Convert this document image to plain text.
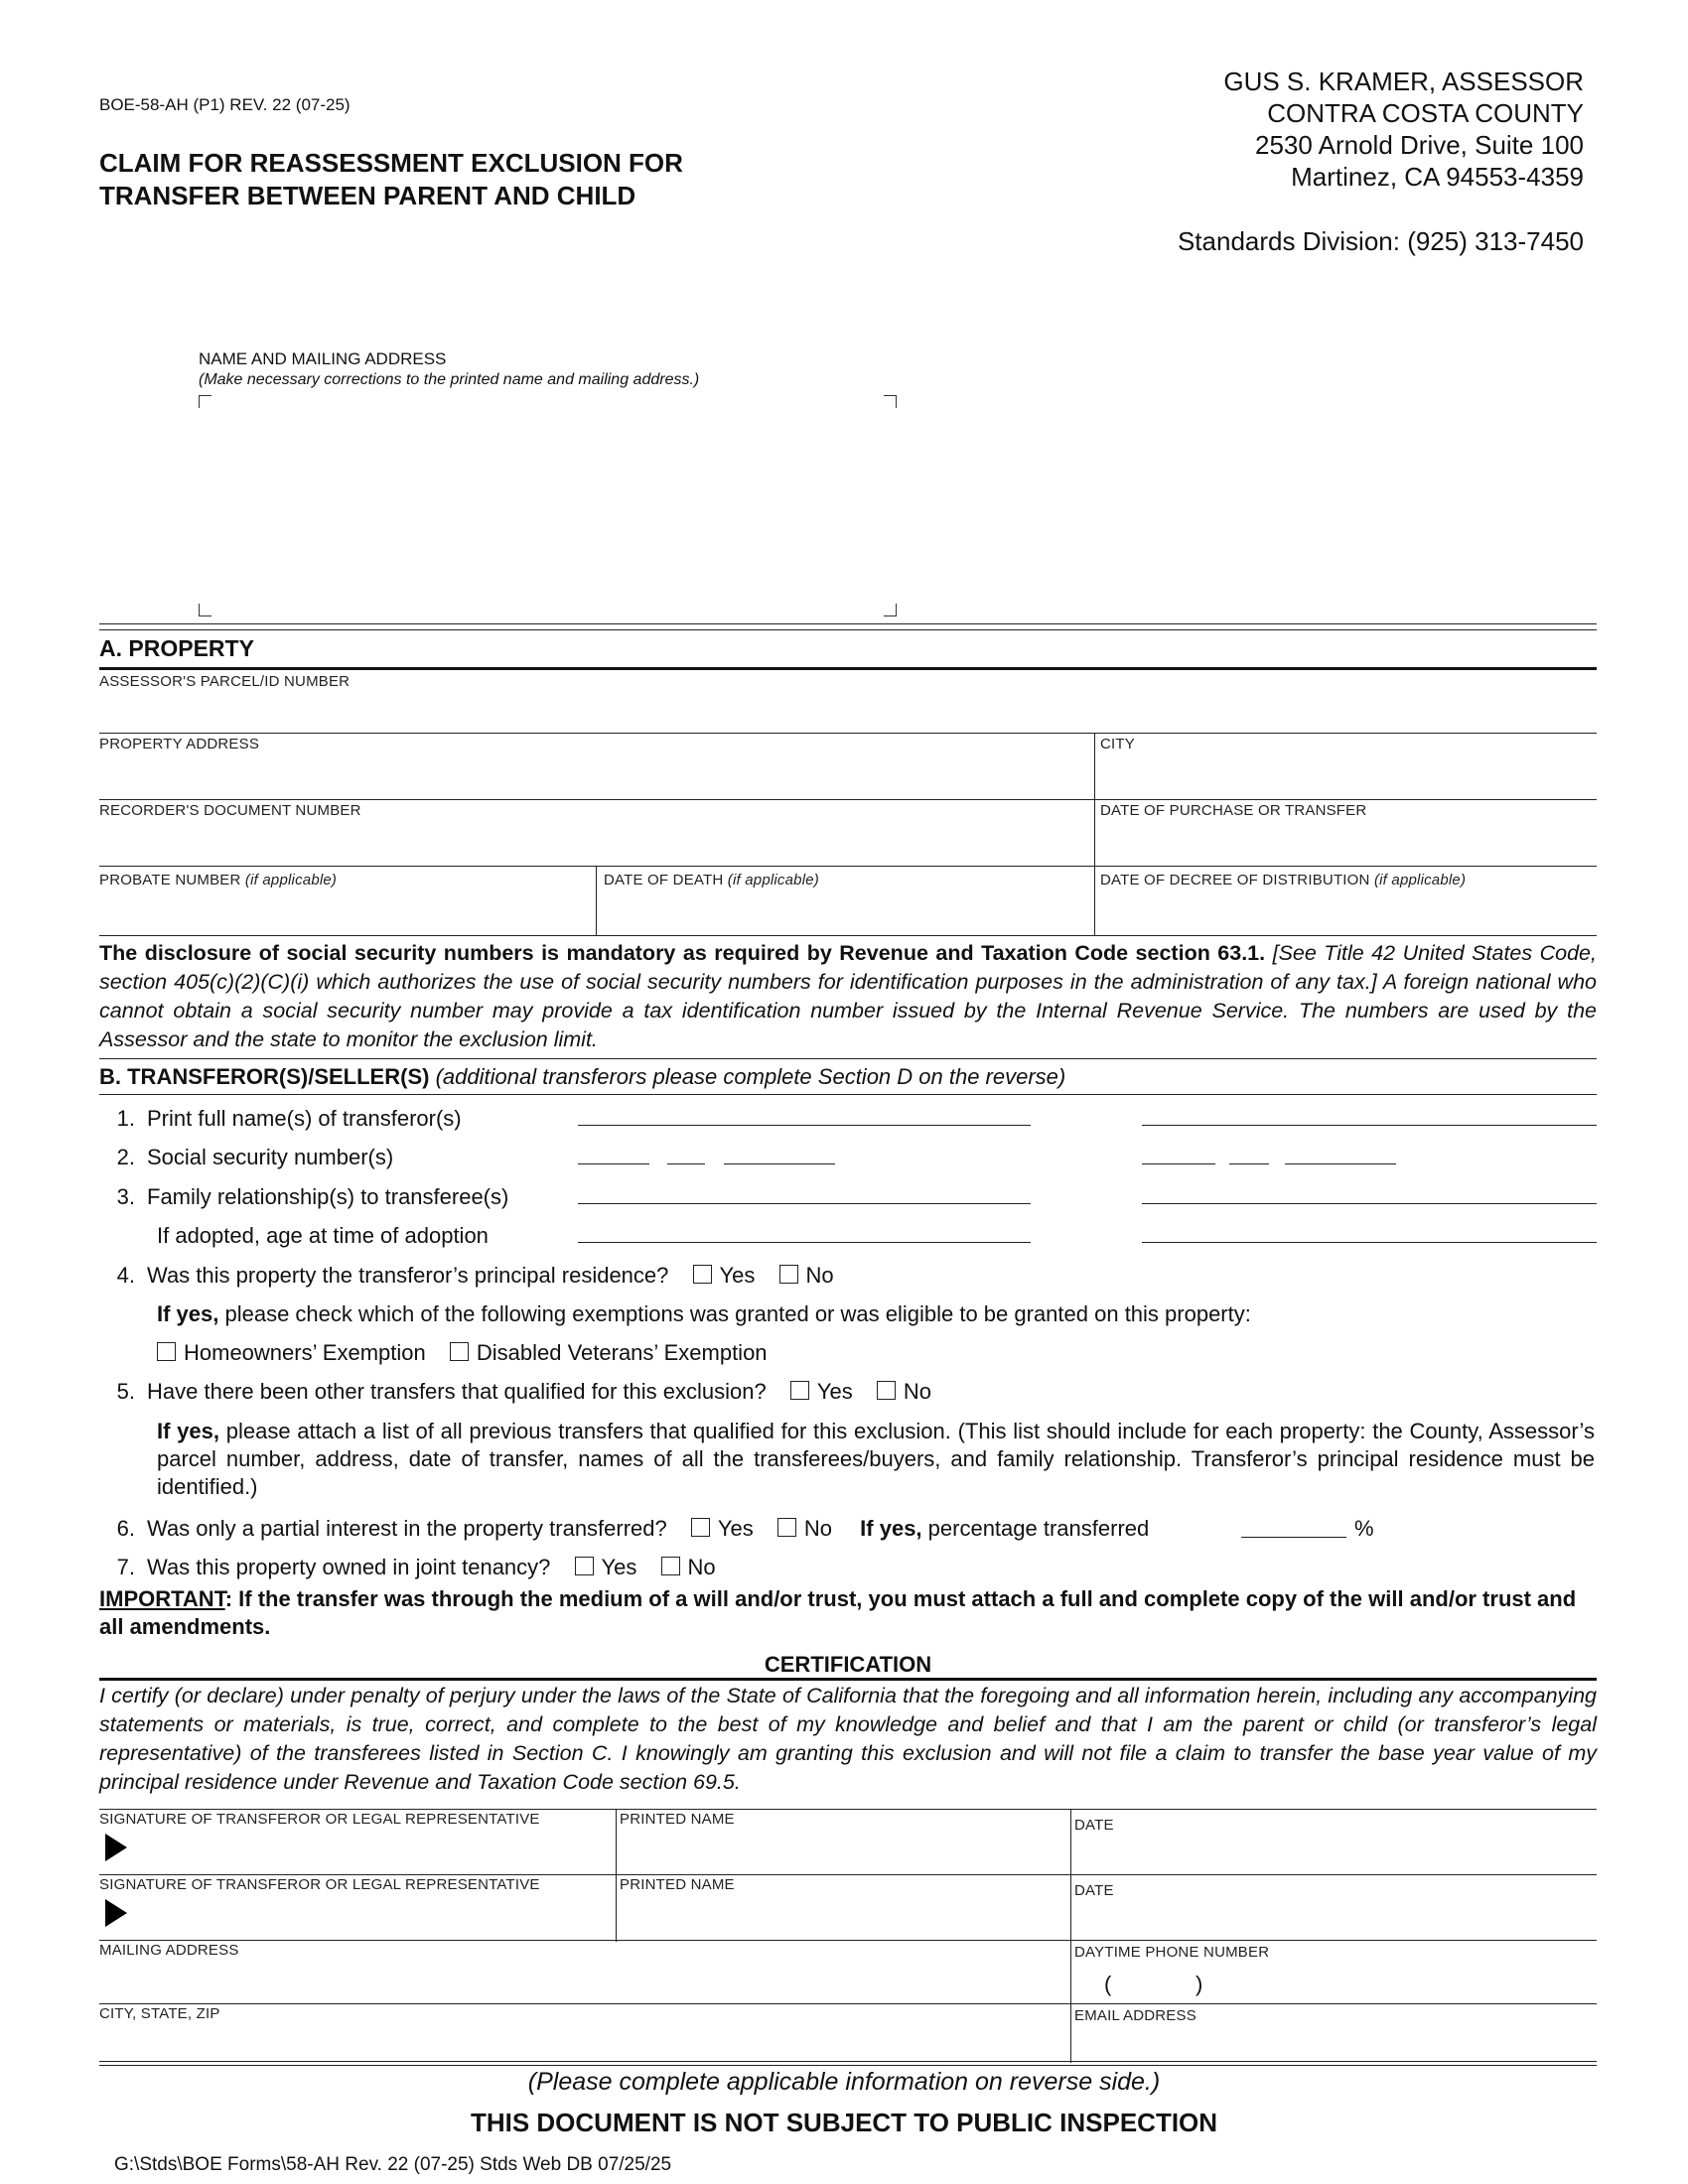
BOE-58-AH (P1) REV. 22 (07-25)
CLAIM FOR REASSESSMENT EXCLUSION FOR
TRANSFER BETWEEN PARENT AND CHILD
GUS S. KRAMER, ASSESSOR
CONTRA COSTA COUNTY
2530 Arnold Drive, Suite 100
Martinez, CA 94553-4359
Standards Division: (925) 313-7450
NAME AND MAILING ADDRESS
(Make necessary corrections to the printed name and mailing address.)
A. PROPERTY
ASSESSOR'S PARCEL/ID NUMBER
PROPERTY ADDRESS	CITY
RECORDER'S DOCUMENT NUMBER	DATE OF PURCHASE OR TRANSFER
PROBATE NUMBER (if applicable)	DATE OF DEATH (if applicable)	DATE OF DECREE OF DISTRIBUTION (if applicable)
The disclosure of social security numbers is mandatory as required by Revenue and Taxation Code section 63.1. [See Title 42 United States Code, section 405(c)(2)(C)(i) which authorizes the use of social security numbers for identification purposes in the administration of any tax.] A foreign national who cannot obtain a social security number may provide a tax identification number issued by the Internal Revenue Service. The numbers are used by the Assessor and the state to monitor the exclusion limit.
B. TRANSFEROR(S)/SELLER(S) (additional transferors please complete Section D on the reverse)
1. Print full name(s) of transferor(s)
2. Social security number(s)
3. Family relationship(s) to transferee(s)
If adopted, age at time of adoption
4. Was this property the transferor’s principal residence? Yes No
If yes, please check which of the following exemptions was granted or was eligible to be granted on this property:
Homeowners’ Exemption Disabled Veterans’ Exemption
5. Have there been other transfers that qualified for this exclusion? Yes No
If yes, please attach a list of all previous transfers that qualified for this exclusion. (This list should include for each property: the County, Assessor’s parcel number, address, date of transfer, names of all the transferees/buyers, and family relationship. Transferor’s principal residence must be identified.)
6. Was only a partial interest in the property transferred? Yes No If yes, percentage transferred	%
7. Was this property owned in joint tenancy? Yes No
IMPORTANT: If the transfer was through the medium of a will and/or trust, you must attach a full and complete copy of the will and/or trust and all amendments.
CERTIFICATION
I certify (or declare) under penalty of perjury under the laws of the State of California that the foregoing and all information herein, including any accompanying statements or materials, is true, correct, and complete to the best of my knowledge and belief and that I am the parent or child (or transferor’s legal representative) of the transferees listed in Section C. I knowingly am granting this exclusion and will not file a claim to transfer the base year value of my principal residence under Revenue and Taxation Code section 69.5.
SIGNATURE OF TRANSFEROR OR LEGAL REPRESENTATIVE	PRINTED NAME	DATE
SIGNATURE OF TRANSFEROR OR LEGAL REPRESENTATIVE	PRINTED NAME	DATE
MAILING ADDRESS	DAYTIME PHONE NUMBER
(	)
CITY, STATE, ZIP	EMAIL ADDRESS
(Please complete applicable information on reverse side.)
THIS DOCUMENT IS NOT SUBJECT TO PUBLIC INSPECTION
G:\Stds\BOE Forms\58-AH Rev. 22 (07-25) Stds Web DB 07/25/25
